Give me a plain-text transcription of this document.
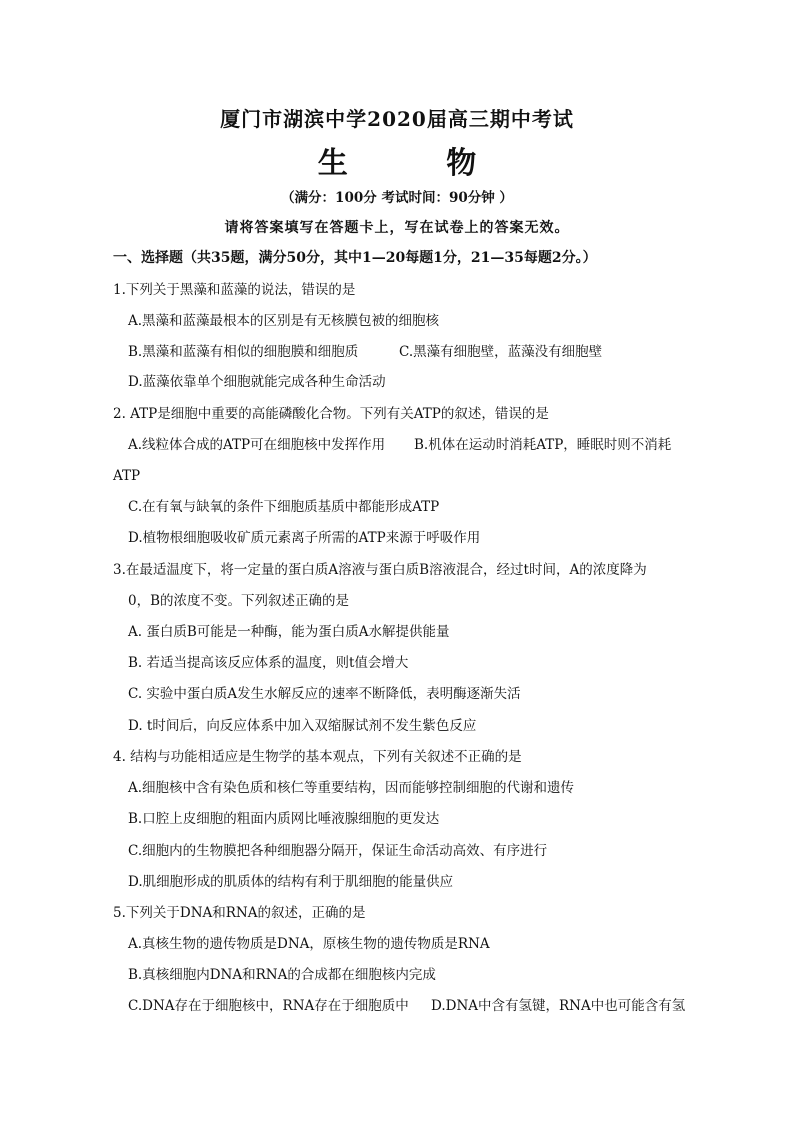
厦门市湖滨中学2020届高三期中考试
生 物
（满分：100分 考试时间：90分钟 ）
请将答案填写在答题卡上，写在试卷上的答案无效。
一、选择题（共35题，满分50分，其中1—20每题1分，21—35每题2分。）
1.下列关于黑藻和蓝藻的说法，错误的是
A.黑藻和蓝藻最根本的区别是有无核膜包被的细胞核
B.黑藻和蓝藻有相似的细胞膜和细胞质	C.黑藻有细胞壁，蓝藻没有细胞壁
D.蓝藻依靠单个细胞就能完成各种生命活动
2. ATP是细胞中重要的高能磷酸化合物。下列有关ATP的叙述，错误的是
A.线粒体合成的ATP可在细胞核中发挥作用 B.机体在运动时消耗ATP，睡眠时则不消耗
ATP
C.在有氧与缺氧的条件下细胞质基质中都能形成ATP
D.植物根细胞吸收矿质元素离子所需的ATP来源于呼吸作用
3.在最适温度下，将一定量的蛋白质A溶液与蛋白质B溶液混合，经过t时间，A的浓度降为
0，B的浓度不变。下列叙述正确的是
A. 蛋白质B可能是一种酶，能为蛋白质A水解提供能量
B. 若适当提高该反应体系的温度，则t值会增大
C. 实验中蛋白质A发生水解反应的速率不断降低，表明酶逐渐失活
D. t时间后，向反应体系中加入双缩脲试剂不发生紫色反应
4. 结构与功能相适应是生物学的基本观点，下列有关叙述不正确的是
A.细胞核中含有染色质和核仁等重要结构，因而能够控制细胞的代谢和遗传
B.口腔上皮细胞的粗面内质网比唾液腺细胞的更发达
C.细胞内的生物膜把各种细胞器分隔开，保证生命活动高效、有序进行
D.肌细胞形成的肌质体的结构有利于肌细胞的能量供应
5.下列关于DNA和RNA的叙述，正确的是
A.真核生物的遗传物质是DNA，原核生物的遗传物质是RNA
B.真核细胞内DNA和RNA的合成都在细胞核内完成
C.DNA存在于细胞核中，RNA存在于细胞质中 D.DNA中含有氢键，RNA中也可能含有氢
